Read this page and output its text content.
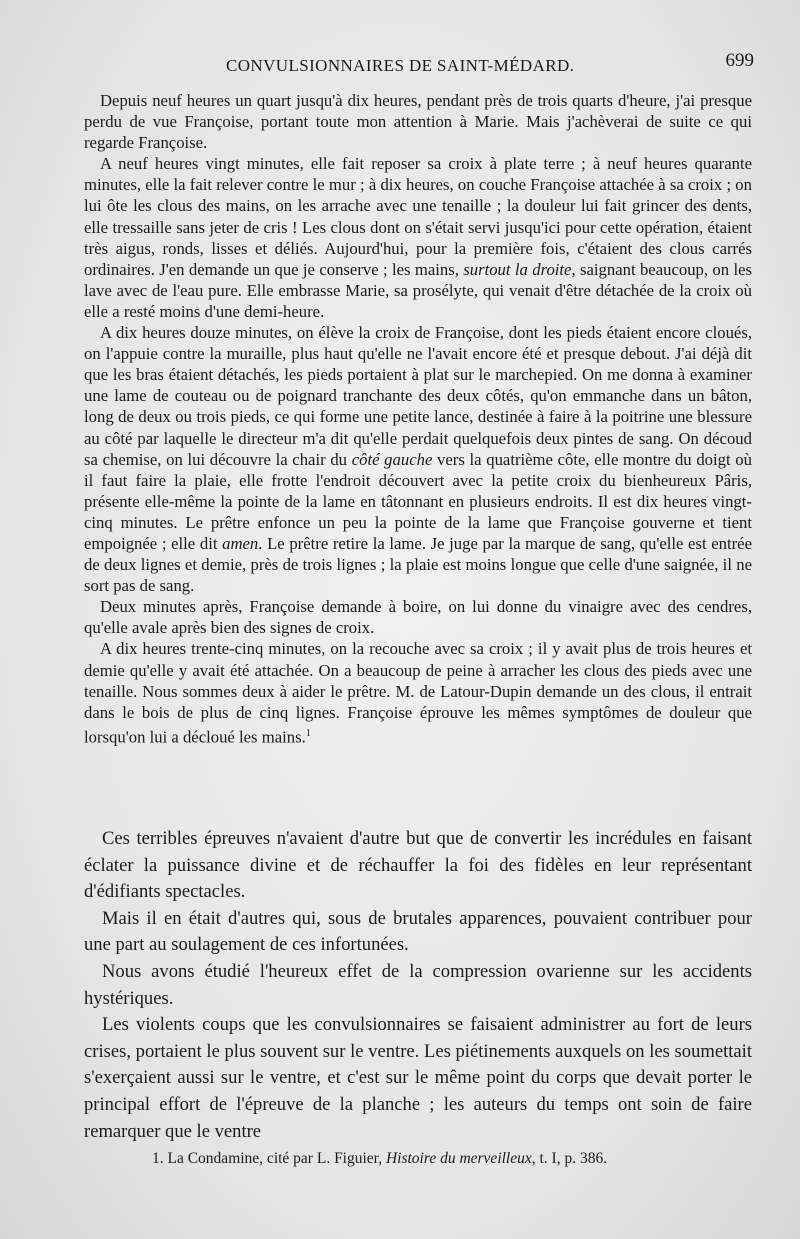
CONVULSIONNAIRES DE SAINT-MÉDARD.	699

Depuis neuf heures un quart jusqu'à dix heures, pendant près de trois quarts d'heure, j'ai presque perdu de vue Françoise, portant toute mon attention à Marie. Mais j'achèverai de suite ce qui regarde Françoise.

A neuf heures vingt minutes, elle fait reposer sa croix à plate terre ; à neuf heures quarante minutes, elle la fait relever contre le mur ; à dix heures, on couche Françoise attachée à sa croix ; on lui ôte les clous des mains, on les arrache avec une tenaille ; la douleur lui fait grincer des dents, elle tressaille sans jeter de cris ! Les clous dont on s'était servi jusqu'ici pour cette opération, étaient très aigus, ronds, lisses et déliés. Aujourd'hui, pour la première fois, c'étaient des clous carrés ordinaires. J'en demande un que je conserve ; les mains, surtout la droite, saignant beaucoup, on les lave avec de l'eau pure. Elle embrasse Marie, sa prosélyte, qui venait d'être détachée de la croix où elle a resté moins d'une demi-heure.

A dix heures douze minutes, on élève la croix de Françoise, dont les pieds étaient encore cloués, on l'appuie contre la muraille, plus haut qu'elle ne l'avait encore été et presque debout. J'ai déjà dit que les bras étaient détachés, les pieds portaient à plat sur le marchepied. On me donna à examiner une lame de couteau ou de poignard tranchante des deux côtés, qu'on emmanche dans un bâton, long de deux ou trois pieds, ce qui forme une petite lance, destinée à faire à la poitrine une blessure au côté par laquelle le directeur m'a dit qu'elle perdait quelquefois deux pintes de sang. On découd sa chemise, on lui découvre la chair du côté gauche vers la quatrième côte, elle montre du doigt où il faut faire la plaie, elle frotte l'endroit découvert avec la petite croix du bienheureux Pâris, présente elle-même la pointe de la lame en tâtonnant en plusieurs endroits. Il est dix heures vingt-cinq minutes. Le prêtre enfonce un peu la pointe de la lame que Françoise gouverne et tient empoignée ; elle dit amen. Le prêtre retire la lame. Je juge par la marque de sang, qu'elle est entrée de deux lignes et demie, près de trois lignes ; la plaie est moins longue que celle d'une saignée, il ne sort pas de sang.

Deux minutes après, Françoise demande à boire, on lui donne du vinaigre avec des cendres, qu'elle avale après bien des signes de croix.

A dix heures trente-cinq minutes, on la recouche avec sa croix ; il y avait plus de trois heures et demie qu'elle y avait été attachée. On a beaucoup de peine à arracher les clous des pieds avec une tenaille. Nous sommes deux à aider le prêtre. M. de Latour-Dupin demande un des clous, il entrait dans le bois de plus de cinq lignes. Françoise éprouve les mêmes symptômes de douleur que lorsqu'on lui a décloué les mains.$^1$

Ces terribles épreuves n'avaient d'autre but que de convertir les incrédules en faisant éclater la puissance divine et de réchauffer la foi des fidèles en leur représentant d'édifiants spectacles.

Mais il en était d'autres qui, sous de brutales apparences, pouvaient contribuer pour une part au soulagement de ces infortunées.

Nous avons étudié l'heureux effet de la compression ovarienne sur les accidents hystériques.

Les violents coups que les convulsionnaires se faisaient administrer au fort de leurs crises, portaient le plus souvent sur le ventre. Les piétinements auxquels on les soumettait s'exerçaient aussi sur le ventre, et c'est sur le même point du corps que devait porter le principal effort de l'épreuve de la planche ; les auteurs du temps ont soin de faire remarquer que le ventre

1. La Condamine, cité par L. Figuier, Histoire du merveilleux, t. I, p. 386.
